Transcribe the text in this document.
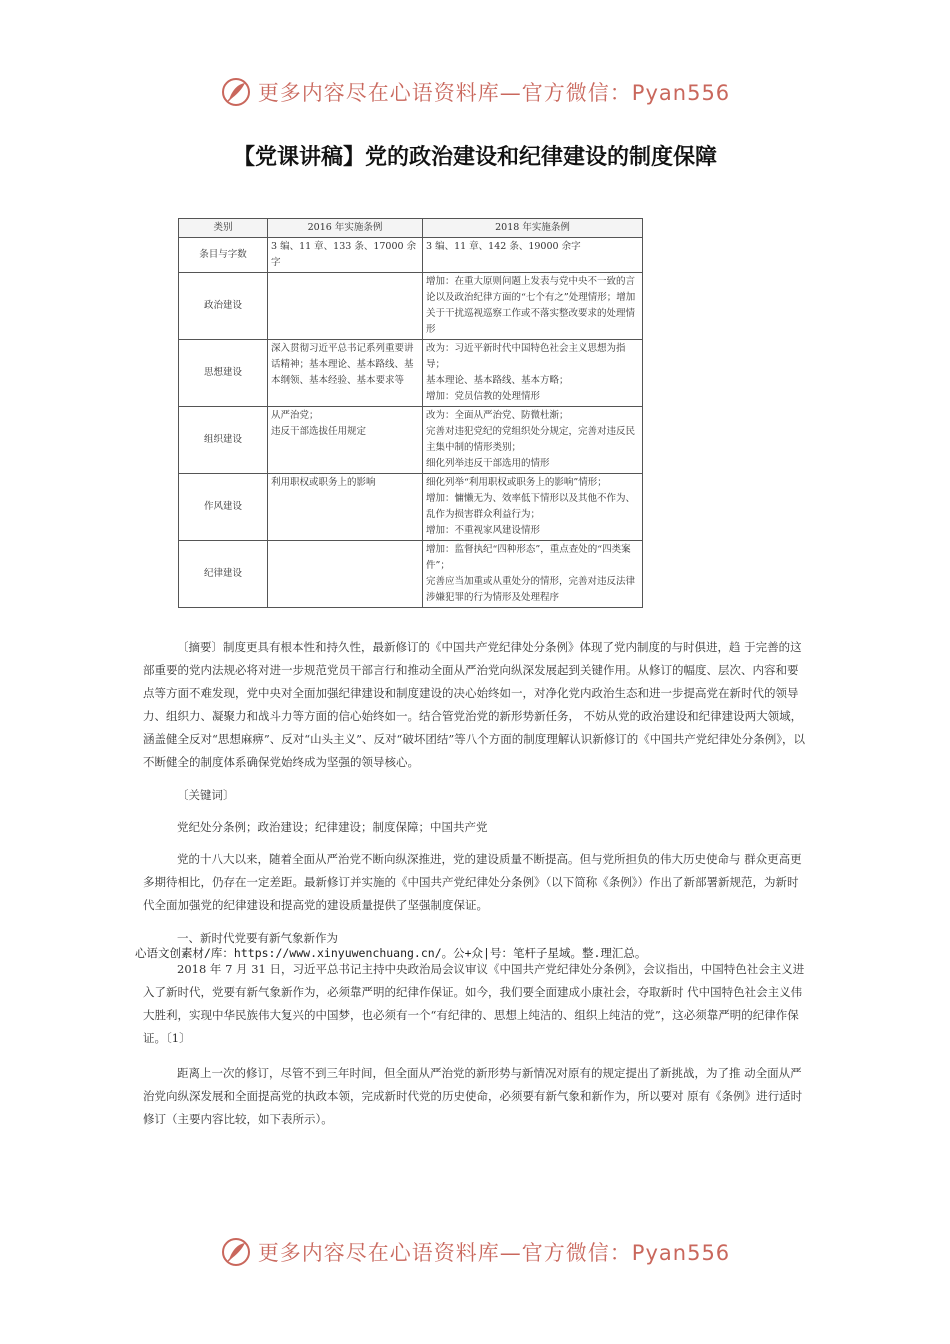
更多内容尽在心语资料库—官方微信：Pyan556
【党课讲稿】党的政治建设和纪律建设的制度保障
类别	2016 年实施条例	2018 年实施条例
条目与字数	3 编、11 章、133 条、17000 余字	3 编、11 章、142 条、19000 余字

政治建设		增加：在重大原则问题上发表与党中央不一致的言论以及政治纪律方面的“七个有之”处理情形；增加关于干扰巡视巡察工作或不落实整改要求的处理情形

思想建设	深入贯彻习近平总书记系列重要讲话精神；基本理论、基本路线、基本纲领、基本经验、基本要求等	改为：习近平新时代中国特色社会主义思想为指导；
基本理论、基本路线、基本方略；
增加：党员信教的处理情形

组织建设	从严治党；
违反干部选拔任用规定	改为：全面从严治党、防微杜渐；
完善对违犯党纪的党组织处分规定，完善对违反民主集中制的情形类别；
细化列举违反干部选用的情形

作风建设	利用职权或职务上的影响	细化列举“利用职权或职务上的影响”情形；
增加：慵懒无为、效率低下情形以及其他不作为、乱作为损害群众利益行为；
增加：不重视家风建设情形

纪律建设		增加：监督执纪“四种形态”，重点查处的“四类案件”；
完善应当加重或从重处分的情形，完善对违反法律涉嫌犯罪的行为情形及处理程序

〔摘要〕制度更具有根本性和持久性，最新修订的《中国共产党纪律处分条例》体现了党内制度的与时俱进，趋 于完善的这部重要的党内法规必将对进一步规范党员干部言行和推动全面从严治党向纵深发展起到关键作用。从修订的幅度、层次、内容和要点等方面不难发现，党中央对全面加强纪律建设和制度建设的决心始终如一，对净化党内政治生态和进一步提高党在新时代的领导力、组织力、凝聚力和战斗力等方面的信心始终如一。结合管党治党的新形势新任务， 不妨从党的政治建设和纪律建设两大领域，涵盖健全反对“思想麻痹”、反对“山头主义”、反对“破坏团结”等八个方面的制度理解认识新修订的《中国共产党纪律处分条例》，以不断健全的制度体系确保党始终成为坚强的领导核心。

〔关键词〕

党纪处分条例；政治建设；纪律建设；制度保障；中国共产党

党的十八大以来，随着全面从严治党不断向纵深推进，党的建设质量不断提高。但与党所担负的伟大历史使命与 群众更高更多期待相比，仍存在一定差距。最新修订并实施的《中国共产党纪律处分条例》（以下简称《条例》）作出了新部署新规范，为新时代全面加强党的纪律建设和提高党的建设质量提供了坚强制度保证。

一、新时代党要有新气象新作为
心语文创素材/库：https://www.xinyuwenchuang.cn/。公+众|号：笔杆子星域。整.理汇总。

2018 年 7 月 31 日，习近平总书记主持中央政治局会议审议《中国共产党纪律处分条例》，会议指出，中国特色社会主义进入了新时代，党要有新气象新作为，必须靠严明的纪律作保证。如今，我们要全面建成小康社会，夺取新时 代中国特色社会主义伟大胜利，实现中华民族伟大复兴的中国梦，也必须有一个“有纪律的、思想上纯洁的、组织上纯洁的党”，这必须靠严明的纪律作保证。〔1〕

距离上一次的修订，尽管不到三年时间，但全面从严治党的新形势与新情况对原有的规定提出了新挑战，为了推 动全面从严治党向纵深发展和全面提高党的执政本领，完成新时代党的历史使命，必须要有新气象和新作为，所以要对 原有《条例》进行适时修订（主要内容比较，如下表所示）。

更多内容尽在心语资料库—官方微信：Pyan556
